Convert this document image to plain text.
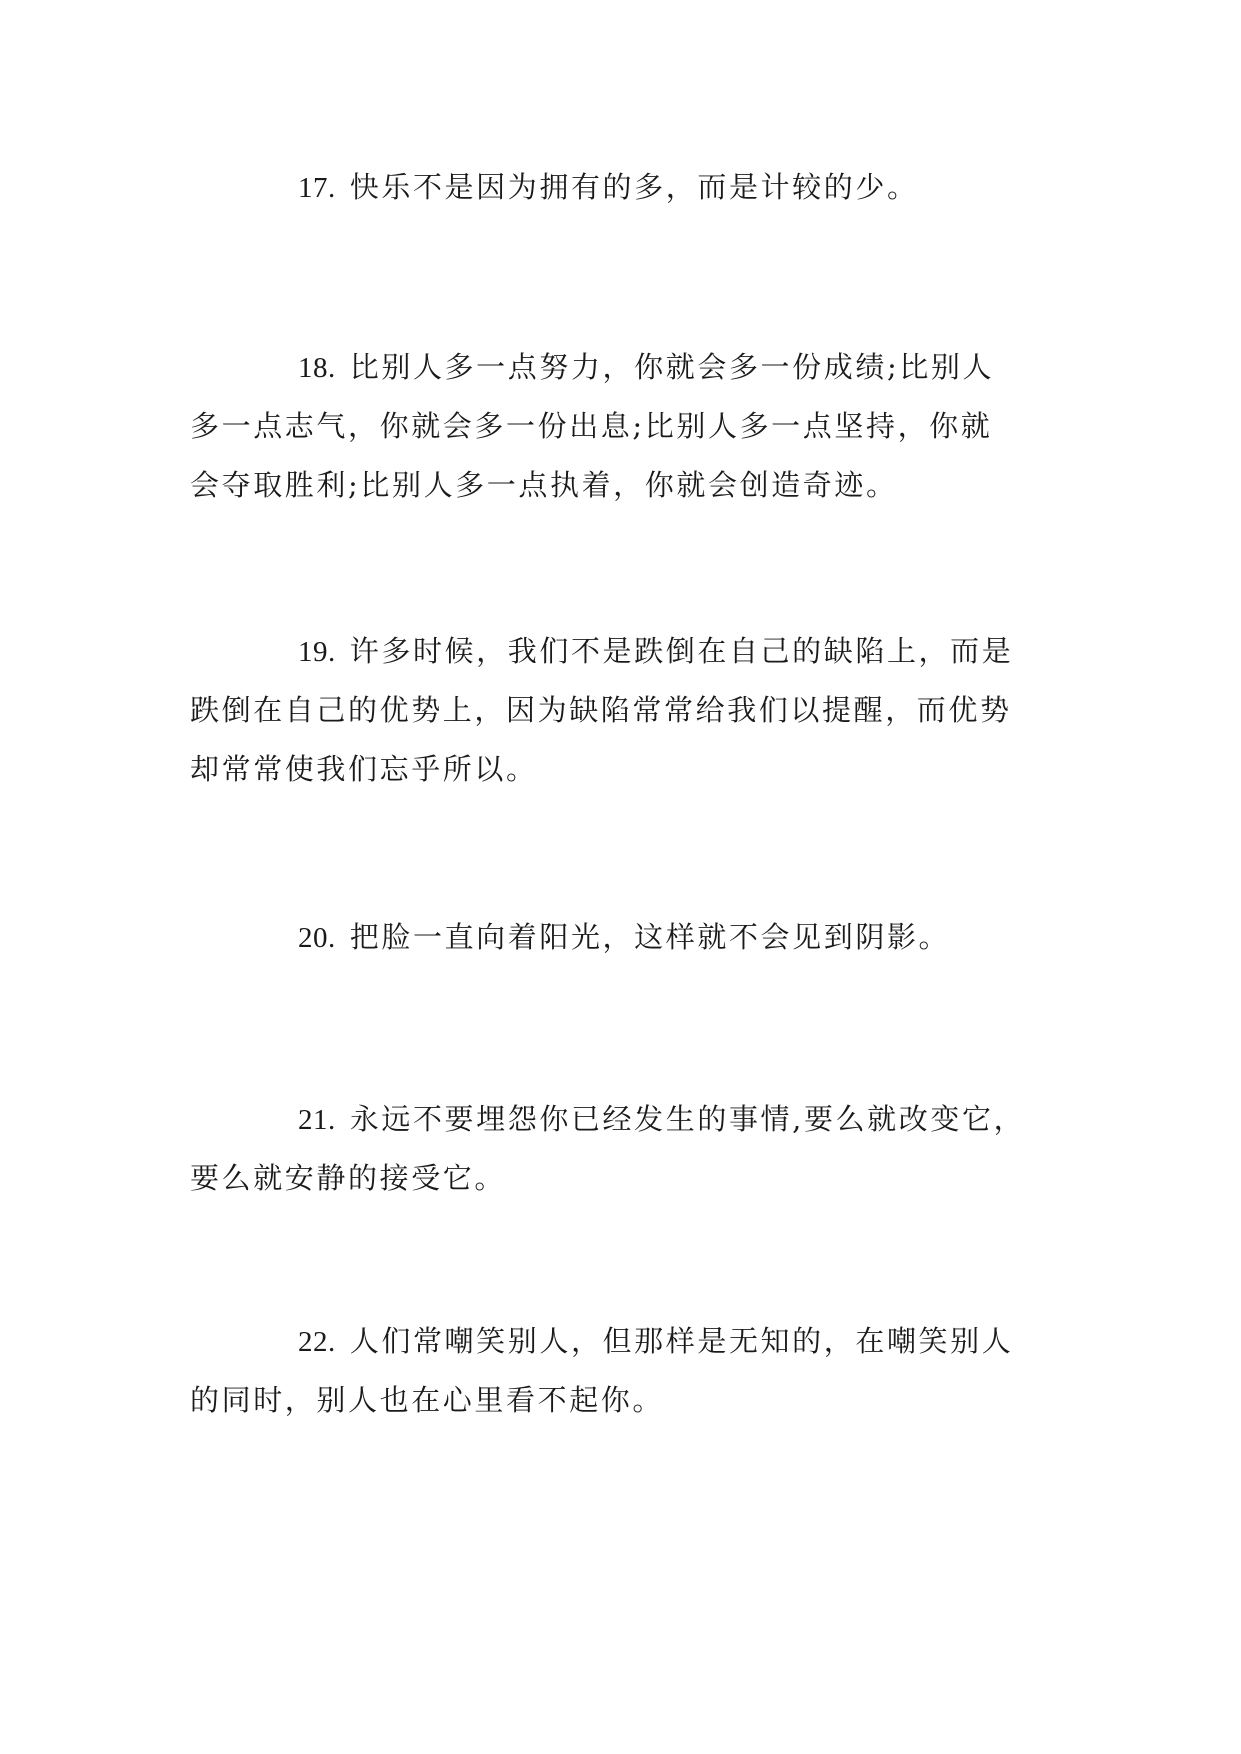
17. 快乐不是因为拥有的多，而是计较的少。

18. 比别人多一点努力，你就会多一份成绩;比别人
多一点志气，你就会多一份出息;比别人多一点坚持，你就
会夺取胜利;比别人多一点执着，你就会创造奇迹。

19. 许多时候，我们不是跌倒在自己的缺陷上，而是
跌倒在自己的优势上，因为缺陷常常给我们以提醒，而优势
却常常使我们忘乎所以。

20. 把脸一直向着阳光，这样就不会见到阴影。

21. 永远不要埋怨你已经发生的事情,要么就改变它，
要么就安静的接受它。

22. 人们常嘲笑别人，但那样是无知的，在嘲笑别人
的同时，别人也在心里看不起你。
